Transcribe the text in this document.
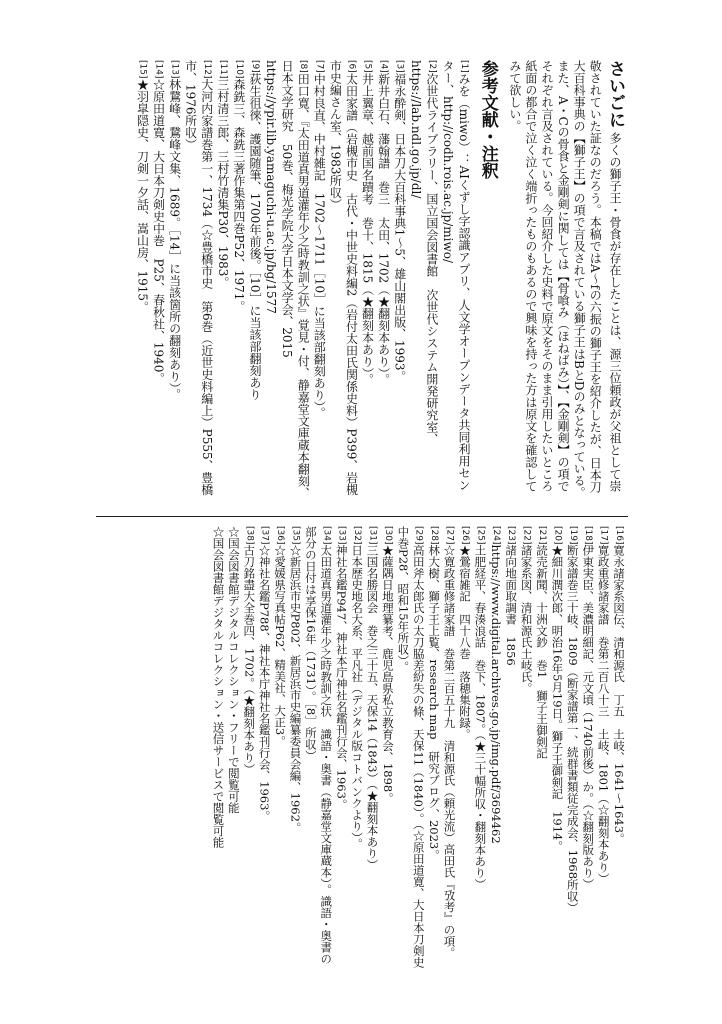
さいごに 多くの獅子王・骨食が存在したことは、源三位頼政が父祖として崇敬されていた証なのだろう。本稿ではA〜fの六振の獅子王を紹介したが、日本刀大百科事典の【獅子王】の項で言及されている獅子王はBとDのみとなっている。また、A・Cの骨食と金剛剣に関しては【骨喰み（ほねばみ）】、【金剛剣】の項でそれぞれ言及されている。今回紹介した史料で原文をそのまま引用したいところ紙面の都合で泣く泣く端折ったものもあるので興味を持った方は原文を確認してみて欲しい。
参考文献・注釈
[1]みを（miwo）：AIくずし字認識アプリ、人文学オープンデータ共同利用センター、http://codh.rois.ac.jp/miwo/
[2]次世代ライブラリー、国立国会図書館　次世代システム開発研究室、https://lab.ndl.go.jp/dl/
[3]福永酔剣、日本刀大百科事典1〜5、雄山閣出版、1993。
[4]新井白石、藩翰譜　巻三　太田、1702（★翻刻本あり）。
[5]井上翼章、越前国名蹟考　巻十、1815（★翻刻本あり）。
[6]太田家譜（岩槻市史　古代・中世史料編2（岩付太田氏関係史料）P399、岩槻市史編さん室、1983所収）
[7]中村良直、中村雑記　1702〜1711［10］に当該部翻刻あり）。
[8]田口寛、『太田道真男道灌年少之時教訓之状』覚見・付、静嘉堂文庫蔵本翻刻、日本文学研究　50巻、梅光学院大学日本文学会、2015　https://ypir.lib.yamaguchi-u.ac.jp/bg/1577
[9]荻生徂徠、護園随筆、1700年前後。［10］に当該部翻刻あり
[10]森銑三、森銑三著作集第四巻P52、1971。
[11]三村清三郎、三村竹清集P30、1983。
[12]大河内家譜巻第一、1734（☆豊橋市史　第6巻（近世史料編上）P555、豊橋市、1976所収）
[13]林鵞峰、鵞峰文集、1689。［14］に当該箇所の翻刻あり）。
[14]☆原田道寛、大日本刀剣史中巻　P25、春秋社、1940。
[15]★羽皐隠史、刀剣一夕話、嵩山房、1915。
[16]寛永諸家系図伝、清和源氏　丁五　土岐、1641〜1643。
[17]寛政重修諸家譜　巻第二百八十三　土岐、1801（☆翻刻本あり）
[18]伊東実臣、美濃明細記、元文頃（1740前後）か。（☆翻刻版あり）
[19]断家譜巻三十岐、1809（断家譜第一、続群書類従完成会、1968所収）
[20]★細川潤次郎、明治16年5月19日。獅子王御剣記　1914。
[21]読売新聞、十洲文鈔　巻1　獅子王御剣記
[22]諸家系図、清和源氏土岐氏。
[23]諸向地面取調書　1856
[24]https://www.digital.archives.go.jp/img.pdf/3694462
[25]土肥経平、春湊浪話　巻下、1807。（★三十幅所収・翻刻本あり）
[26]★鶯宿雑記　四十八巻　落穂集附録。
[27]☆寛政重修諸家譜　巻第二百五十九　清和源氏（頼光流）高田氏『攷考』の項。
[28]林大樹、獅子王上覧、research map　研究ブログ、2023。
[29]高田斧太郎氏の太刀脇差紛失の條、天保11（1840）。（☆原田道寛、大日本刀剣史中巻P28、昭和15年所収）。
[30]★薩隅日地理纂考、鹿児島県私立教育会、1898。
[31]三国名勝図会　巻之三十五、天保14（1843）（★翻刻本あり）
[32]日本歴史地名大系、平凡社（デジタル版コトバンクより）。
[33]神社名鑑P947、神社本庁神社名鑑刊行会、1963。
[34]太田道真男道灌年少之時教訓之状　識語・奥書（静嘉堂文庫蔵本）。識語・奥書の部分の日付は享保16年（1731）。［8］所収）
[35]☆新居浜市史P802、新居浜市史編纂委員会編、1962。
[36]☆愛媛県写真帖P62、精美社、大正3。
[37]☆神社名鑑P788、神社本庁神社名鑑刊行会、1963。
[38]古刀銘盡大全巻四、1702。（★翻刻本あり）
☆国会図書館デジタルコレクション・フリーで閲覧可能
☆国会図書館デジタルコレクション・送信サービスで閲覧可能
